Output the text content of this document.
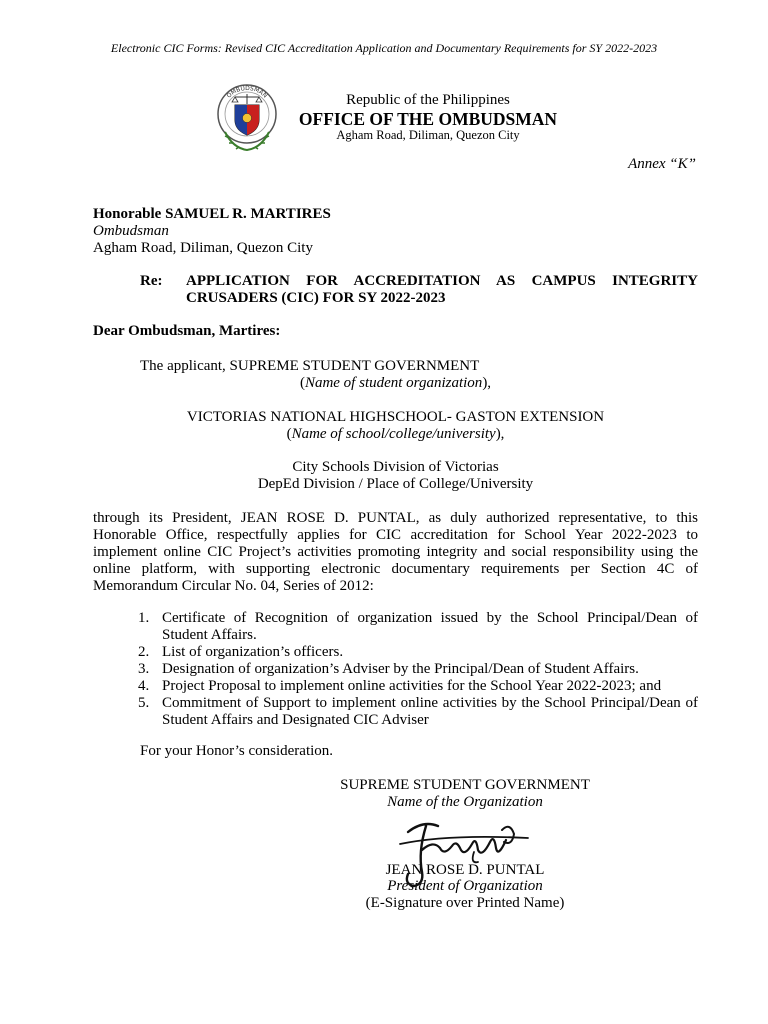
Electronic CIC Forms: Revised CIC Accreditation Application and Documentary Requirements for SY 2022-2023
OMBUDSMAN	Republic of the Philippines
OFFICE OF THE OMBUDSMAN
Agham Road, Diliman, Quezon City
Annex “K”
Honorable SAMUEL R. MARTIRES
Ombudsman
Agham Road, Diliman, Quezon City
Re: APPLICATION FOR ACCREDITATION AS CAMPUS INTEGRITY
CRUSADERS (CIC) FOR SY 2022-2023
Dear Ombudsman, Martires:
The applicant, SUPREME STUDENT GOVERNMENT
(Name of student organization),
VICTORIAS NATIONAL HIGHSCHOOL- GASTON EXTENSION
(Name of school/college/university),
City Schools Division of Victorias
DepEd Division / Place of College/University
through its President, JEAN ROSE D. PUNTAL, as duly authorized representative, to this
Honorable Office, respectfully applies for CIC accreditation for School Year 2022-2023 to
implement online CIC Project’s activities promoting integrity and social responsibility using the
online platform, with supporting electronic documentary requirements per Section 4C of
Memorandum Circular No. 04, Series of 2012:
1. Certificate of Recognition of organization issued by the School Principal/Dean of Student Affairs.
2. List of organization’s officers.
3. Designation of organization’s Adviser by the Principal/Dean of Student Affairs.
4. Project Proposal to implement online activities for the School Year 2022-2023; and
5. Commitment of Support to implement online activities by the School Principal/Dean of Student Affairs and Designated CIC Adviser
For your Honor’s consideration.
SUPREME STUDENT GOVERNMENT
Name of the Organization
JEAN ROSE D. PUNTAL
President of Organization
(E-Signature over Printed Name)
